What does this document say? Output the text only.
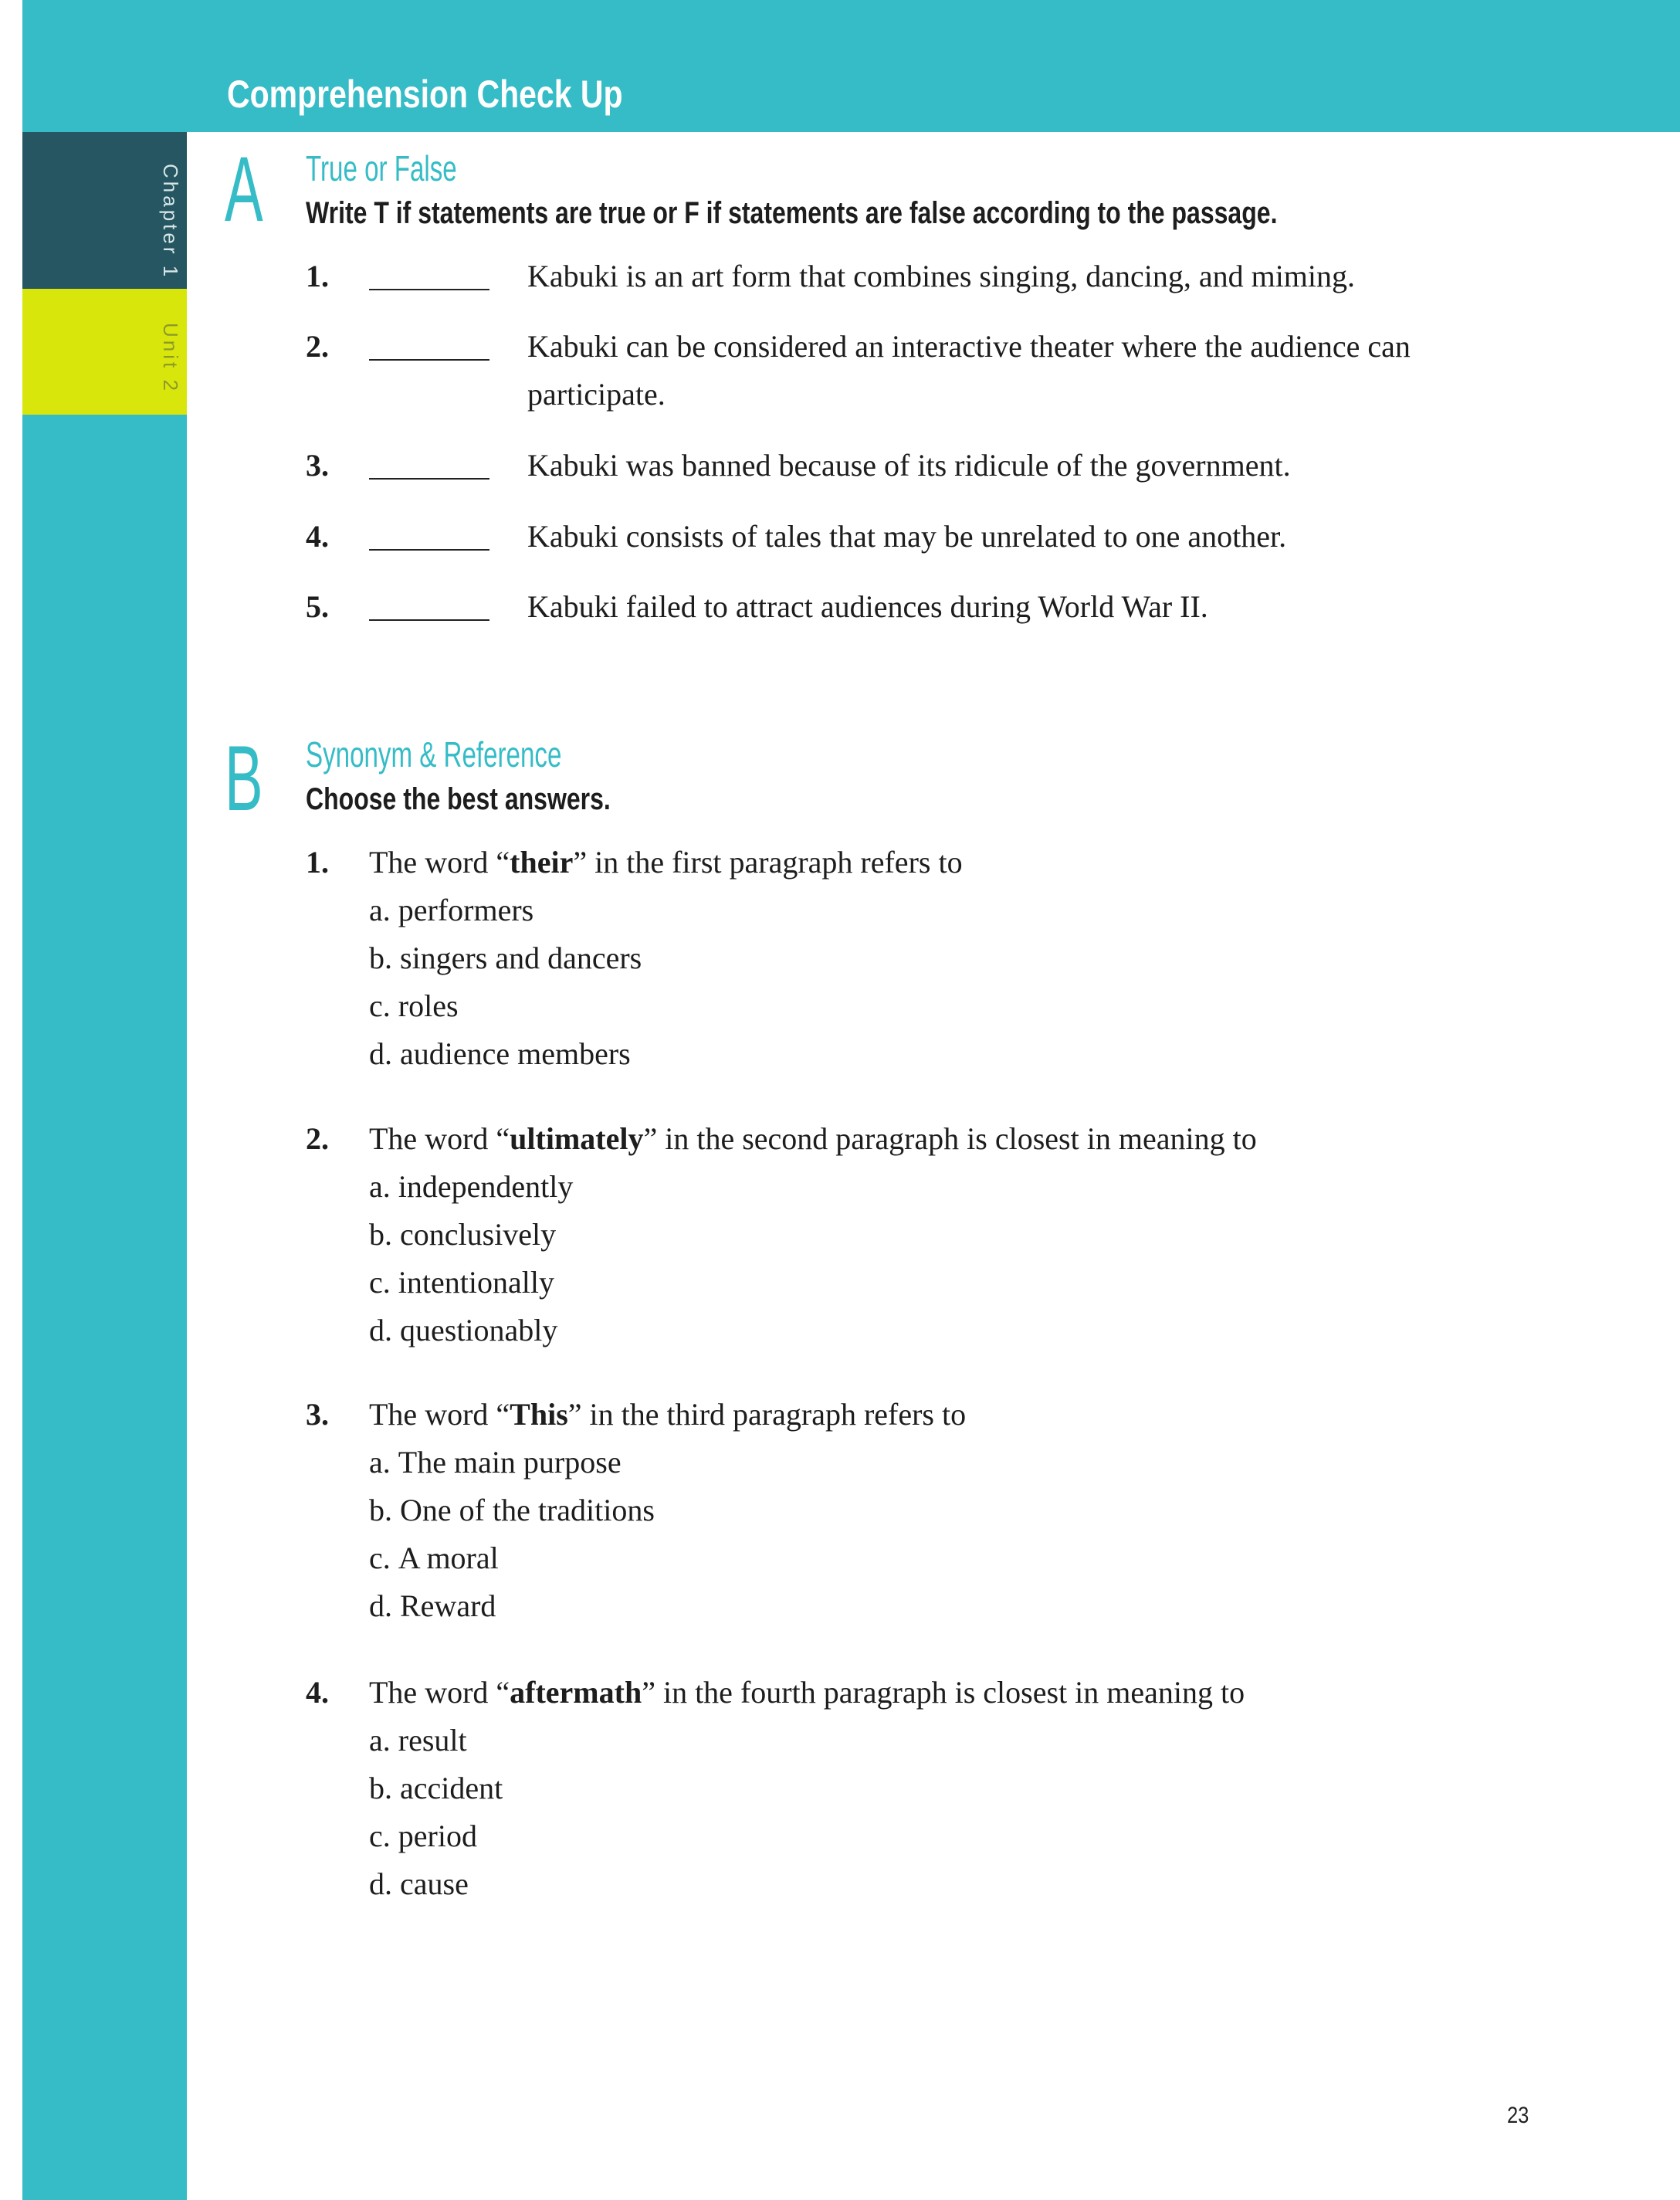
Comprehension Check Up
Chapter 1
Unit 2
A True or False
Write T if statements are true or F if statements are false according to the passage.
1.	Kabuki is an art form that combines singing, dancing, and miming.
2.	Kabuki can be considered an interactive theater where the audience can participate.
3.	Kabuki was banned because of its ridicule of the government.
4.	Kabuki consists of tales that may be unrelated to one another.
5.	Kabuki failed to attract audiences during World War II.
B Synonym & Reference
Choose the best answers.
1. The word “their” in the first paragraph refers to
a. performers
b. singers and dancers
c. roles
d. audience members
2. The word “ultimately” in the second paragraph is closest in meaning to
a. independently
b. conclusively
c. intentionally
d. questionably
3. The word “This” in the third paragraph refers to
a. The main purpose
b. One of the traditions
c. A moral
d. Reward
4. The word “aftermath” in the fourth paragraph is closest in meaning to
a. result
b. accident
c. period
d. cause
23
